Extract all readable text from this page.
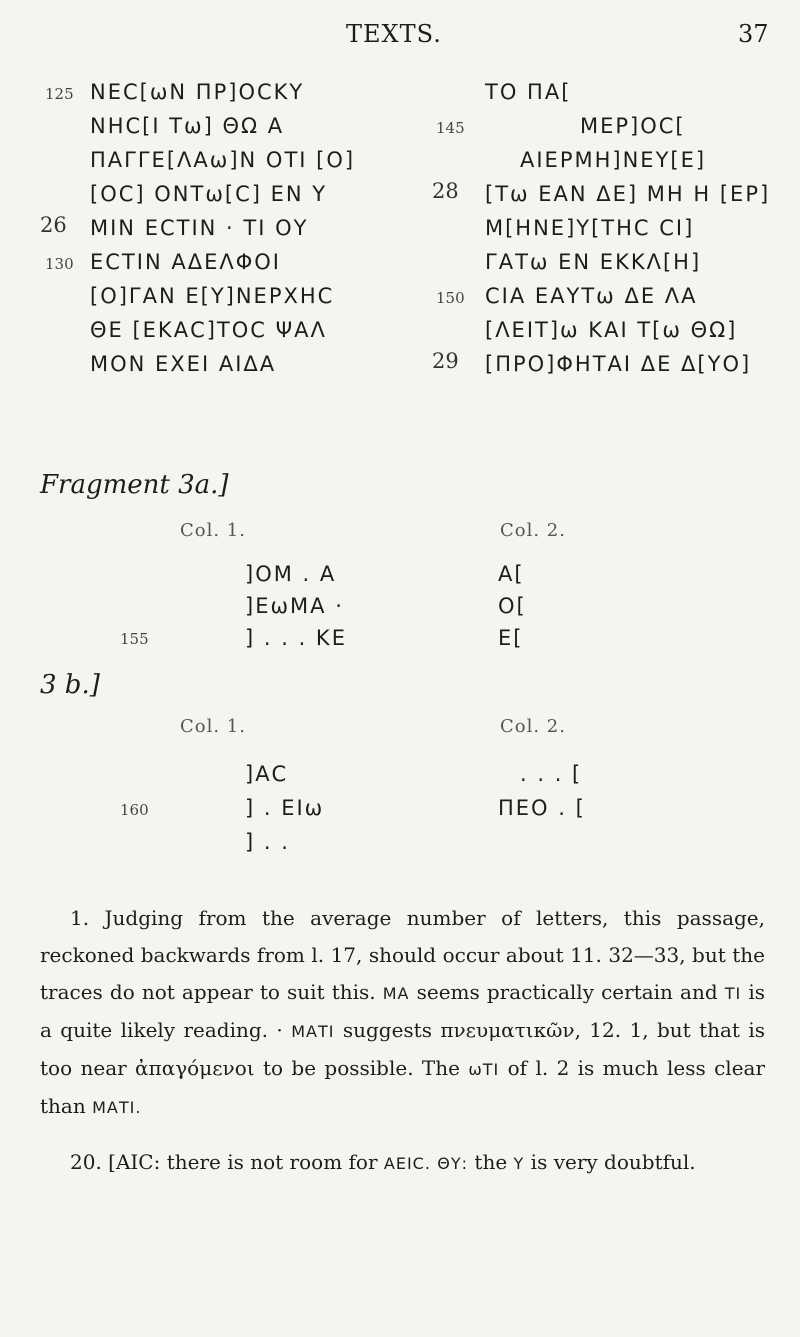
TEXTS.	37
125 ΝΕϹ[ωΝ ΠΡ]ΟϹΚΥ
ΝΗϹ[Ι Τω] ΘΩ Α
ΠΑΓΓΕ[ΛΑω]Ν ΟΤΙ [Ο]
[ΟϹ] ΟΝΤω[Ϲ] ΕΝ Υ
26 ΜΙΝ ΕϹΤΙΝ · ΤΙ ΟΥ
130 ΕϹΤΙΝ ΑΔΕΛΦΟΙ
[Ο]ΓΑΝ Ε[Υ]ΝΕΡΧΗϹ
ΘΕ [ΕΚΑϹ]ΤΟϹ ΨΑΛ
ΜΟΝ ΕΧΕΙ ΑΙΔΑ
ΤΟ ΠΑ[
145	ΜΕΡ]ΟϹ[
ΑΙΕΡΜΗ]ΝΕΥ[Ε]
28 [Τω ΕΑΝ ΔΕ] ΜΗ Η [ΕΡ]
Μ[ΗΝΕ]Υ[ΤΗϹ ϹΙ]
ΓΑΤω ΕΝ ΕΚΚΛ[Η]
150 ϹΙΑ ΕΑΥΤω ΔΕ ΛΑ
[ΛΕΙΤ]ω ΚΑΙ Τ[ω ΘΩ]
29 [ΠΡΟ]ΦΗΤΑΙ ΔΕ Δ[ΥΟ]
Fragment 3a.]
Col. 1.	Col. 2.
]ΟΜ . Α
]ΕωΜΑ ·
155	] . . . ΚΕ
Α[
Ο[
Ε[
3 b.]
Col. 1.	Col. 2.
]ΑϹ
160	] . ΕΙω
] . .
. . . [
ΠΕΟ . [

1. Judging from the average number of letters, this passage, reckoned backwards from l. 17, should occur about 11. 32—33, but the traces do not appear to suit this. ΜΑ seems practically certain and ΤΙ is a quite likely reading. · ΜΑΤΙ suggests πνευματικῶν, 12. 1, but that is too near ἀπαγόμενοι to be possible. The ωΤΙ of l. 2 is much less clear than ΜΑΤΙ.

20. [ΑΙϹ: there is not room for ΑΕΙϹ. ΘΥ: the Υ is very doubtful.
